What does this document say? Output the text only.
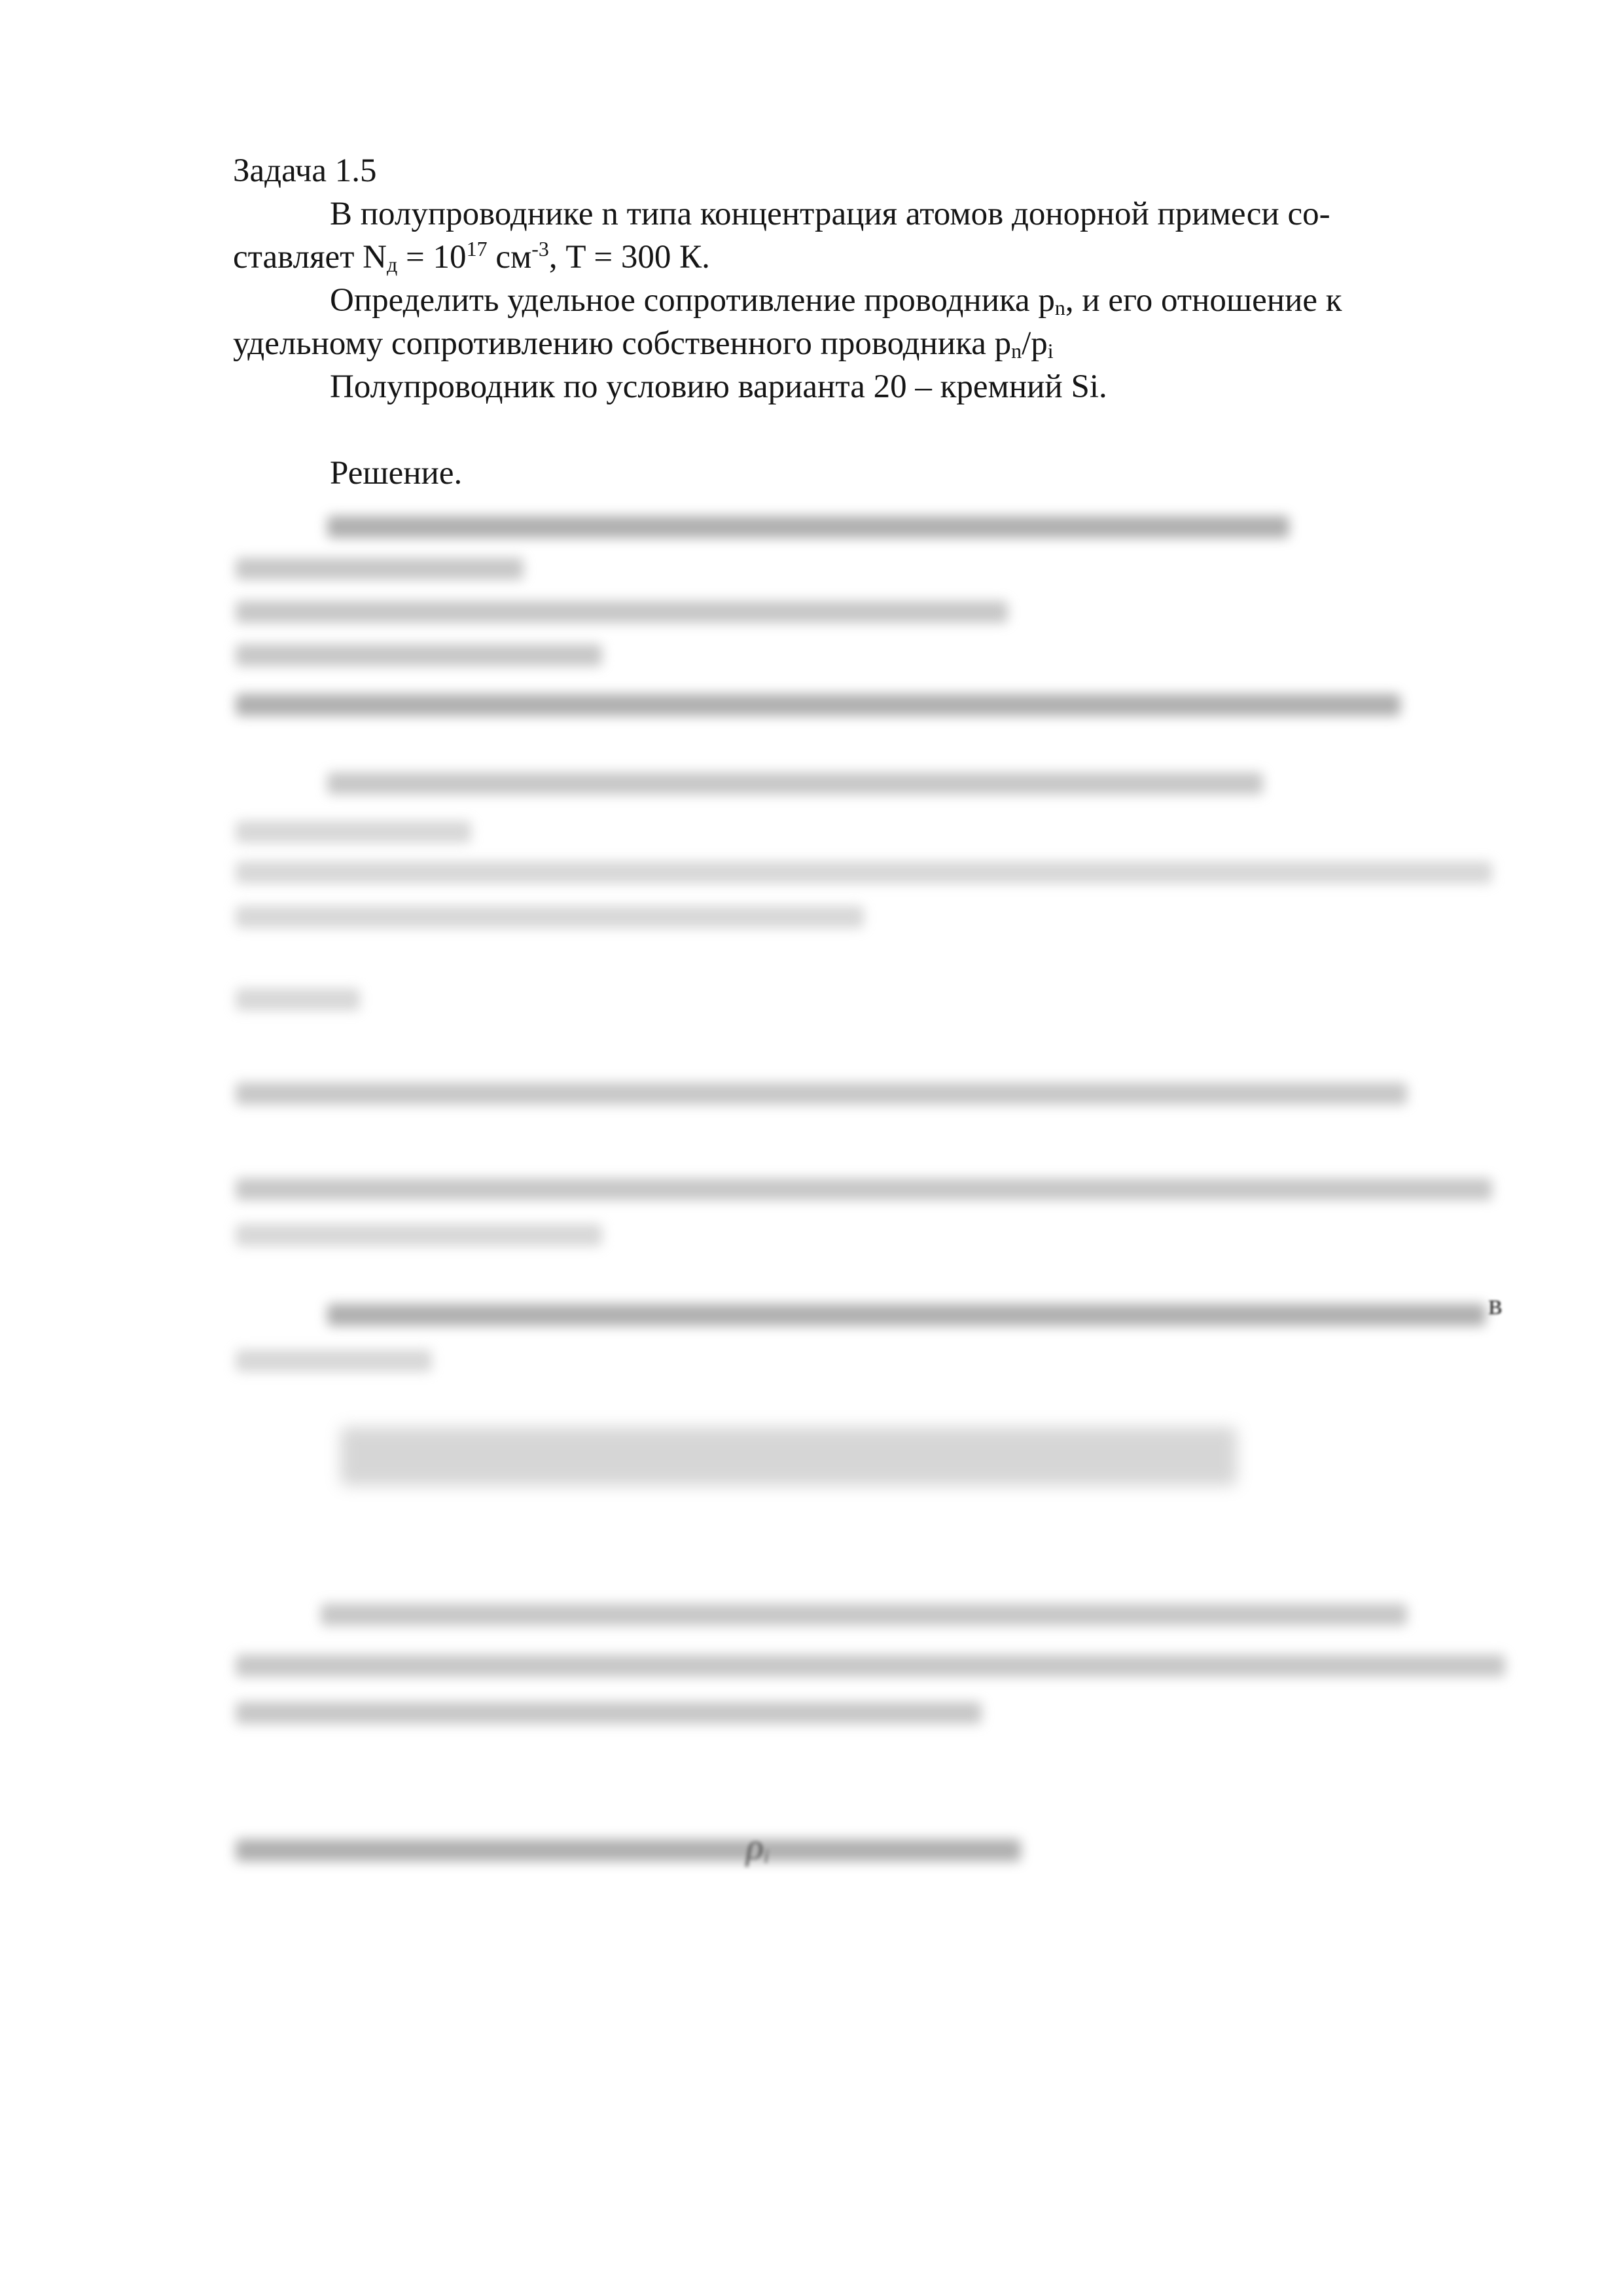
Задача 1.5
В полупроводнике n типа концентрация атомов донорной примеси со-
ставляет $N_д = 10^{17}$ $см^{-3}$, T = 300 К.
Определить удельное сопротивление проводника $p_n$, и его отношение к
удельному сопротивлению собственного проводника $p_n/p_i$
Полупроводник по условию варианта 20 – кремний Si.
Решение.
в
$\rho_i$
